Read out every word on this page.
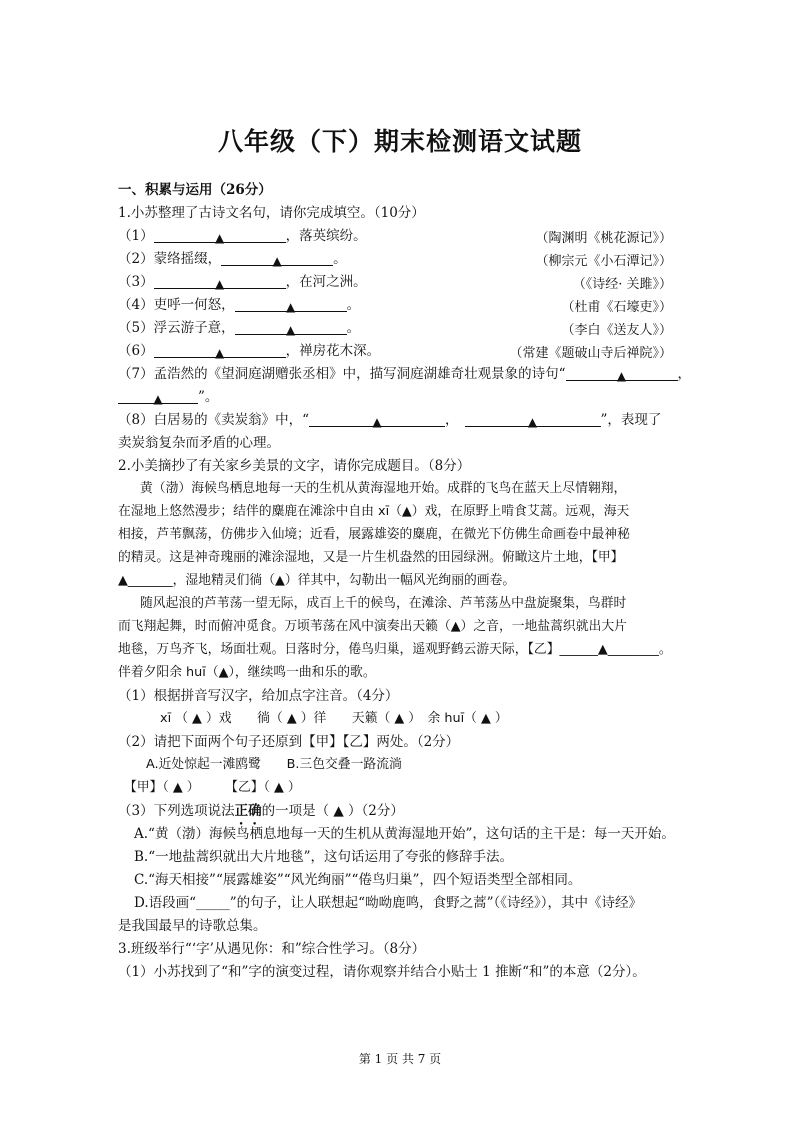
八年级（下）期末检测语文试题
一、积累与运用（26分）
1.小苏整理了古诗文名句，请你完成填空。（10分）
（1）	▲	，落英缤纷。	（陶渊明《桃花源记》）
（2）蒙络摇缀，	▲	。	（柳宗元《小石潭记》）
（3）	▲	，在河之洲。	（《诗经· 关雎》）
（4）吏呼一何怒，	▲	。	（杜甫《石壕吏》）
（5）浮云游子意，	▲	。	（李白《送友人》）
（6）	▲	，禅房花木深。	（常建《题破山寺后禅院》）
（7）孟浩然的《望洞庭湖赠张丞相》中，描写洞庭湖雄奇壮观景象的诗句“	▲	，
▲	”。
（8）白居易的《卖炭翁》中，“	▲	，	▲	”，表现了
卖炭翁复杂而矛盾的心理。
2.小美摘抄了有关家乡美景的文字，请你完成题目。（8分）
黄（渤）海候鸟栖息地每一天的生机从黄海湿地开始。成群的飞鸟在蓝天上尽情翱翔，
在湿地上悠然漫步；结伴的麋鹿在滩涂中自由 xī（▲）戏，在原野上啃食艾蒿。远观，海天
相接，芦苇飘荡，仿佛步入仙境；近看，展露雄姿的麋鹿，在微光下仿佛生命画卷中最神秘
的精灵。这是神奇瑰丽的滩涂湿地，又是一片生机盎然的田园绿洲。俯瞰这片土地，【甲】
▲_______，湿地精灵们徜（▲）徉其中，勾勒出一幅风光绚丽的画卷。
随风起浪的芦苇荡一望无际，成百上千的候鸟，在滩涂、芦苇荡丛中盘旋聚集，鸟群时
而飞翔起舞，时而俯冲觅食。万顷苇荡在风中演奏出天籁（▲）之音，一地盐蒿织就出大片
地毯，万鸟齐飞，场面壮观。日落时分，倦鸟归巢，遥观野鹤云游天际，【乙】______▲________。
伴着夕阳余 huī（▲），继续鸣一曲和乐的歌。
（1）根据拼音写汉字，给加点字注音。（4分）
xī （ ▲ ）戏　　徜（ ▲ ）徉　　天籁（ ▲ ）　余 huī（ ▲ ）
（2）请把下面两个句子还原到【甲】【乙】两处。（2分）
A.近处惊起一滩鸥鹭　　B.三色交叠一路流淌
【甲】（ ▲ ）　　　【乙】（ ▲ ）
（3）下列选项说法正确的一项是（ ▲ ）（2分）
A.“黄（渤）海候鸟栖息地每一天的生机从黄海湿地开始”，这句话的主干是：每一天开始。
B.“一地盐蒿织就出大片地毯”，这句话运用了夸张的修辞手法。
C.“海天相接”“展露雄姿”“风光绚丽”“倦鸟归巢”，四个短语类型全部相同。
D.语段画“_____”的句子，让人联想起“呦呦鹿鸣，食野之蒿”（《诗经》），其中《诗经》
是我国最早的诗歌总集。
3.班级举行“‘字’从遇见你：和”综合性学习。（8分）
（1）小苏找到了“和”字的演变过程，请你观察并结合小贴士 1 推断“和”的本意（2分）。
第 1 页 共 7 页
